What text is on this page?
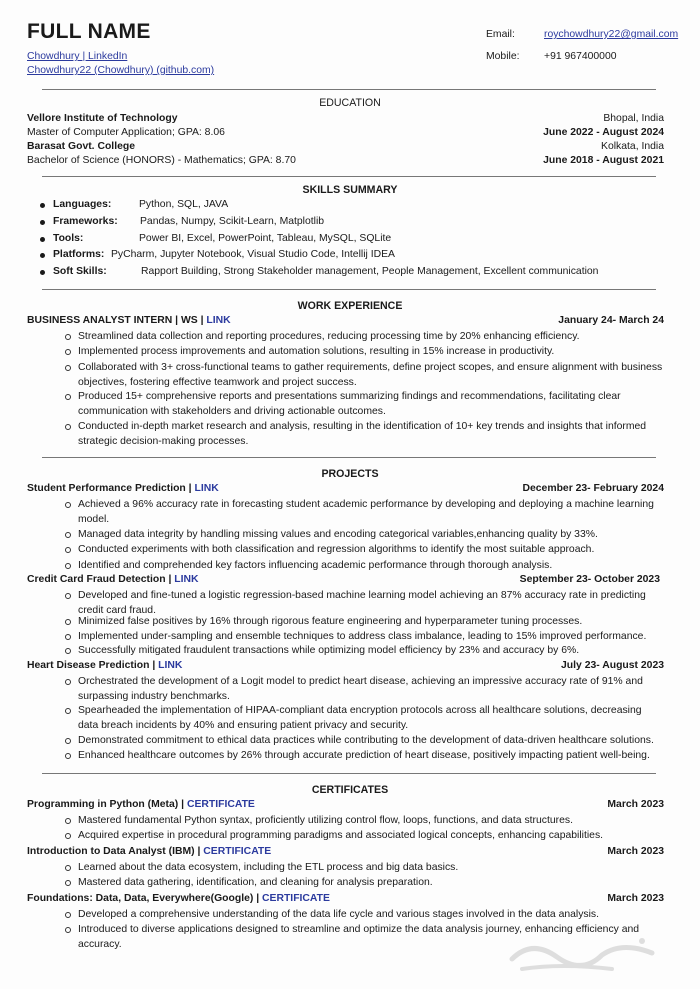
FULL NAME
Chowdhury | LinkedIn
Chowdhury22 (Chowdhury) (github.com)
Email:	roychowdhury22@gmail.com
Mobile: +91 967400000
EDUCATION
Vellore Institute of Technology	Bhopal, India
Master of Computer Application; GPA: 8.06	June 2022 - August 2024
Barasat Govt. College	Kolkata, India
Bachelor of Science (HONORS) - Mathematics; GPA: 8.70	June 2018 - August 2021
SKILLS SUMMARY
Languages:	Python, SQL, JAVA
Frameworks: Pandas, Numpy, Scikit-Learn, Matplotlib
Tools:	Power BI, Excel, PowerPoint, Tableau, MySQL, SQLite
Platforms: PyCharm, Jupyter Notebook, Visual Studio Code, Intellij IDEA
Soft Skills:	Rapport Building, Strong Stakeholder management, People Management, Excellent communication
WORK EXPERIENCE
BUSINESS ANALYST INTERN | WS | LINK	January 24- March 24
Streamlined data collection and reporting procedures, reducing processing time by 20% enhancing efficiency.
Implemented process improvements and automation solutions, resulting in 15% increase in productivity.
Collaborated with 3+ cross-functional teams to gather requirements, define project scopes, and ensure alignment with business objectives, fostering effective teamwork and project success.
Produced 15+ comprehensive reports and presentations summarizing findings and recommendations, facilitating clear communication with stakeholders and driving actionable outcomes.
Conducted in-depth market research and analysis, resulting in the identification of 10+ key trends and insights that informed strategic decision-making processes.
PROJECTS
Student Performance Prediction | LINK	December 23- February 2024
Achieved a 96% accuracy rate in forecasting student academic performance by developing and deploying a machine learning model.
Managed data integrity by handling missing values and encoding categorical variables,enhancing quality by 33%.
Conducted experiments with both classification and regression algorithms to identify the most suitable approach.
Identified and comprehended key factors influencing academic performance through thorough analysis.
Credit Card Fraud Detection | LINK	September 23- October 2023
Developed and fine-tuned a logistic regression-based machine learning model achieving an 87% accuracy rate in predicting credit card fraud.
Minimized false positives by 16% through rigorous feature engineering and hyperparameter tuning processes.
Implemented under-sampling and ensemble techniques to address class imbalance, leading to 15% improved performance.
Successfully mitigated fraudulent transactions while optimizing model efficiency by 23% and accuracy by 6%.
Heart Disease Prediction | LINK	July 23- August 2023
Orchestrated the development of a Logit model to predict heart disease, achieving an impressive accuracy rate of 91% and surpassing industry benchmarks.
Spearheaded the implementation of HIPAA-compliant data encryption protocols across all healthcare solutions, decreasing data breach incidents by 40% and ensuring patient privacy and security.
Demonstrated commitment to ethical data practices while contributing to the development of data-driven healthcare solutions.
Enhanced healthcare outcomes by 26% through accurate prediction of heart disease, positively impacting patient well-being.
CERTIFICATES
Programming in Python (Meta) | CERTIFICATE	March 2023
Mastered fundamental Python syntax, proficiently utilizing control flow, loops, functions, and data structures.
Acquired expertise in procedural programming paradigms and associated logical concepts, enhancing capabilities.
Introduction to Data Analyst (IBM) | CERTIFICATE	March 2023
Learned about the data ecosystem, including the ETL process and big data basics.
Mastered data gathering, identification, and cleaning for analysis preparation.
Foundations: Data, Data, Everywhere(Google) | CERTIFICATE	March 2023
Developed a comprehensive understanding of the data life cycle and various stages involved in the data analysis.
Introduced to diverse applications designed to streamline and optimize the data analysis journey, enhancing efficiency and accuracy.
